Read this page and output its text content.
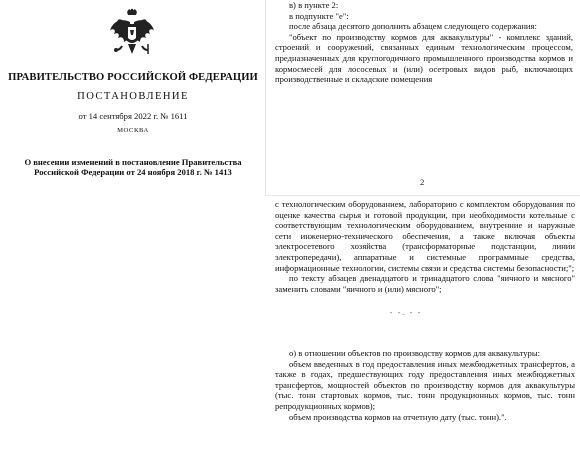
ПРАВИТЕЛЬСТВО РОССИЙСКОЙ ФЕДЕРАЦИИ
ПОСТАНОВЛЕНИЕ
от 14 сентября 2022 г. № 1611
МОСКВА
О внесении изменений в постановление Правительства Российской Федерации от 24 ноября 2018 г. № 1413

в) в пункте 2:

в подпункте "е":

после абзаца десятого дополнить абзацем следующего содержания:

"объект по производству кормов для аквакультуры" - комплекс зданий, строений и сооружений, связанных единым технологическим процессом, предназначенных для круглогодичного промышленного производства кормов и кормосмесей для лососевых и (или) осетровых видов рыб, включающих производственные и складские помещения

2

с технологическим оборудованием, лабораторию с комплектом оборудования по оценке качества сырья и готовой продукции, при необходимости котельные с соответствующим технологическим оборудованием, внутренние и наружные сети инженерно-технического обеспечения, а также включая объекты электросетевого хозяйства (трансформаторные подстанции, линии электропередачи), аппаратные и системные программные средства, информационные технологии, системы связи и средства системы безопасности;";

по тексту абзацев двенадцатого и тринадцатого слова "яичного и мясного" заменить словами "яичного и (или) мясного";

" "- " "

о) в отношении объектов по производству кормов для аквакультуры:

объем введенных в год предоставления иных межбюджетных трансфертов, а также в годах, предшествующих году предоставления иных межбюджетных трансфертов, мощностей объектов по производству кормов для аквакультуры (тыс. тонн стартовых кормов, тыс. тонн продукционных кормов, тыс. тонн репродукционных кормов);

объем производства кормов на отчетную дату (тыс. тонн).".
